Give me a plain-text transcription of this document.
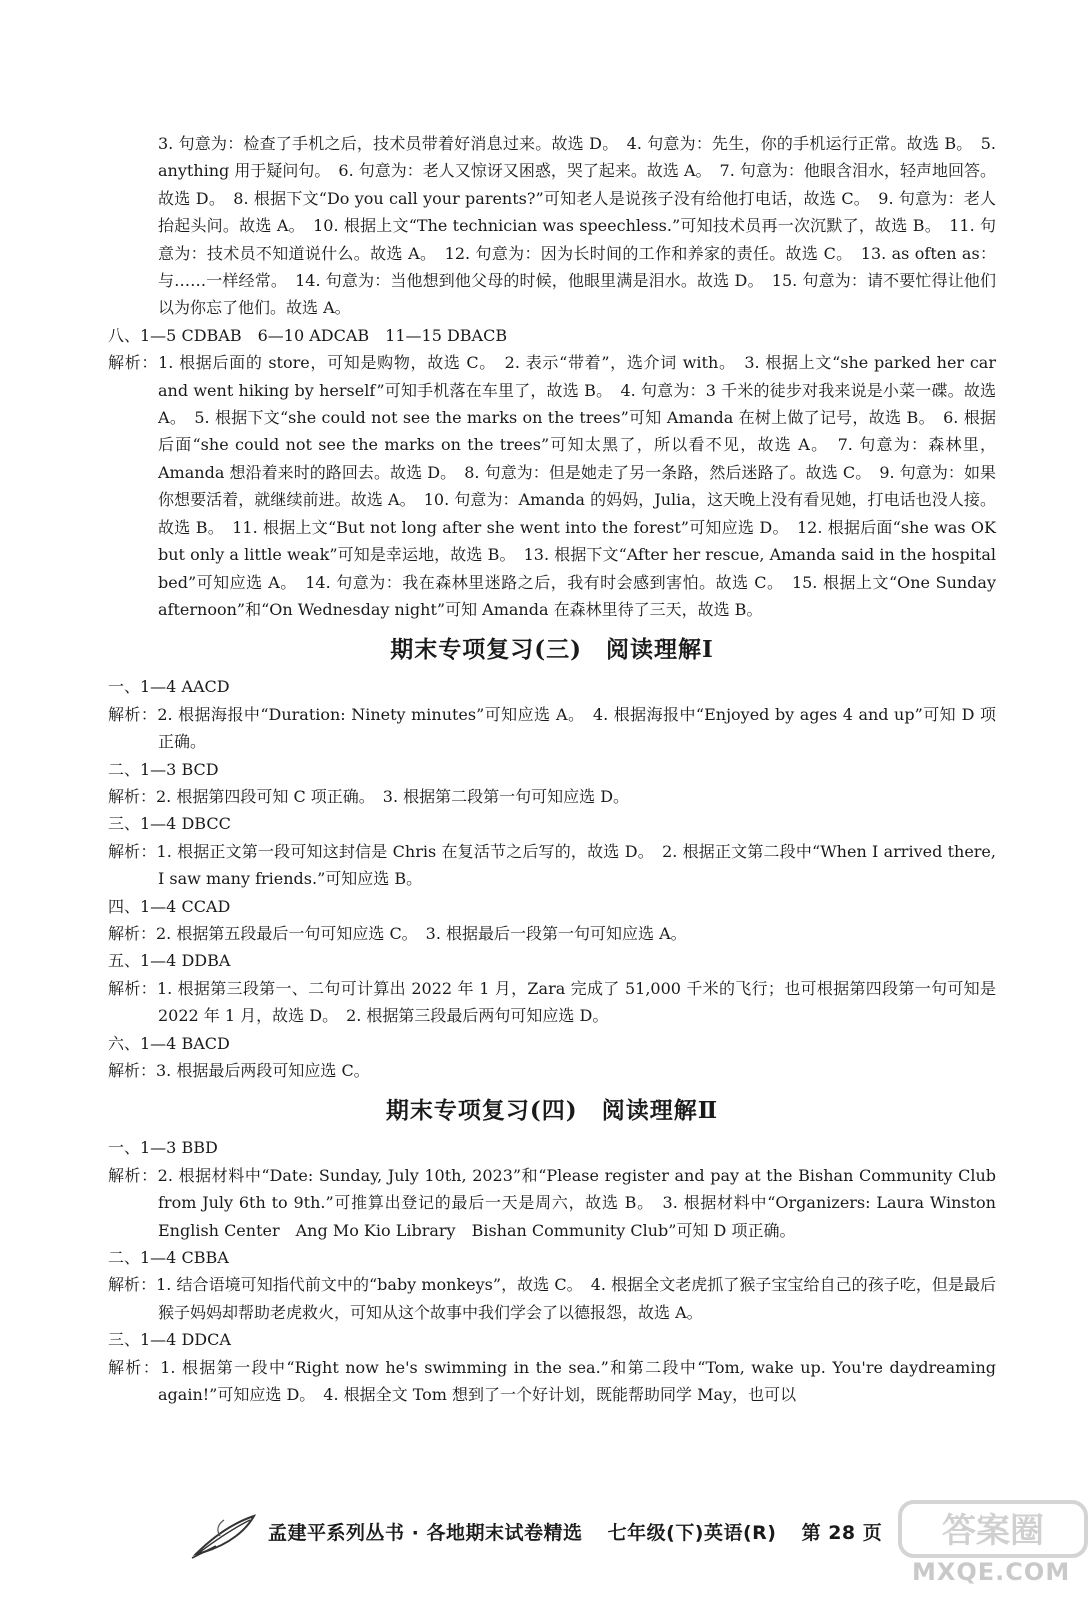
3. 句意为：检查了手机之后，技术员带着好消息过来。故选 D。　4. 句意为：先生，你的手机运行正常。故选 B。　5. anything 用于疑问句。　6. 句意为：老人又惊讶又困惑，哭了起来。故选 A。　7. 句意为：他眼含泪水，轻声地回答。故选 D。　8. 根据下文“Do you call your parents?”可知老人是说孩子没有给他打电话，故选 C。　9. 句意为：老人抬起头问。故选 A。　10. 根据上文“The technician was speechless.”可知技术员再一次沉默了，故选 B。　11. 句意为：技术员不知道说什么。故选 A。　12. 句意为：因为长时间的工作和养家的责任。故选 C。　13. as often as：与……一样经常。　14. 句意为：当他想到他父母的时候，他眼里满是泪水。故选 D。　15. 句意为：请不要忙得让他们以为你忘了他们。故选 A。

八、1—5 CDBAB　6—10 ADCAB　11—15 DBACB

解析：1. 根据后面的 store，可知是购物，故选 C。　2. 表示“带着”，选介词 with。　3. 根据上文“she parked her car and went hiking by herself”可知手机落在车里了，故选 B。　4. 句意为：3 千米的徒步对我来说是小菜一碟。故选 A。　5. 根据下文“she could not see the marks on the trees”可知 Amanda 在树上做了记号，故选 B。　6. 根据后面“she could not see the marks on the trees”可知太黑了，所以看不见，故选 A。　7. 句意为：森林里，Amanda 想沿着来时的路回去。故选 D。　8. 句意为：但是她走了另一条路，然后迷路了。故选 C。　9. 句意为：如果你想要活着，就继续前进。故选 A。　10. 句意为：Amanda 的妈妈，Julia，这天晚上没有看见她，打电话也没人接。故选 B。　11. 根据上文“But not long after she went into the forest”可知应选 D。　12. 根据后面“she was OK but only a little weak”可知是幸运地，故选 B。　13. 根据下文“After her rescue, Amanda said in the hospital bed”可知应选 A。　14. 句意为：我在森林里迷路之后，我有时会感到害怕。故选 C。　15. 根据上文“One Sunday afternoon”和“On Wednesday night”可知 Amanda 在森林里待了三天，故选 B。

期末专项复习(三) 阅读理解Ⅰ

一、1—4 AACD

解析：2. 根据海报中“Duration: Ninety minutes”可知应选 A。　4. 根据海报中“Enjoyed by ages 4 and up”可知 D 项正确。

二、1—3 BCD

解析：2. 根据第四段可知 C 项正确。　3. 根据第二段第一句可知应选 D。

三、1—4 DBCC

解析：1. 根据正文第一段可知这封信是 Chris 在复活节之后写的，故选 D。　2. 根据正文第二段中“When I arrived there, I saw many friends.”可知应选 B。

四、1—4 CCAD

解析：2. 根据第五段最后一句可知应选 C。　3. 根据最后一段第一句可知应选 A。

五、1—4 DDBA

解析：1. 根据第三段第一、二句可计算出 2022 年 1 月，Zara 完成了 51,000 千米的飞行；也可根据第四段第一句可知是 2022 年 1 月，故选 D。　2. 根据第三段最后两句可知应选 D。

六、1—4 BACD

解析：3. 根据最后两段可知应选 C。

期末专项复习(四) 阅读理解Ⅱ

一、1—3 BBD

解析：2. 根据材料中“Date: Sunday, July 10th, 2023”和“Please register and pay at the Bishan Community Club from July 6th to 9th.”可推算出登记的最后一天是周六，故选 B。　3. 根据材料中“Organizers: Laura Winston English Center　Ang Mo Kio Library　Bishan Community Club”可知 D 项正确。

二、1—4 CBBA

解析：1. 结合语境可知指代前文中的“baby monkeys”，故选 C。　4. 根据全文老虎抓了猴子宝宝给自己的孩子吃，但是最后猴子妈妈却帮助老虎救火，可知从这个故事中我们学会了以德报怨，故选 A。

三、1—4 DDCA

解析：1. 根据第一段中“Right now he's swimming in the sea.”和第二段中“Tom, wake up. You're daydreaming again!”可知应选 D。　4. 根据全文 Tom 想到了一个好计划，既能帮助同学 May，也可以

孟建平系列丛书 · 各地期末试卷精选 七年级(下)英语(R) 第 28 页	答案圈
MXQE.COM
